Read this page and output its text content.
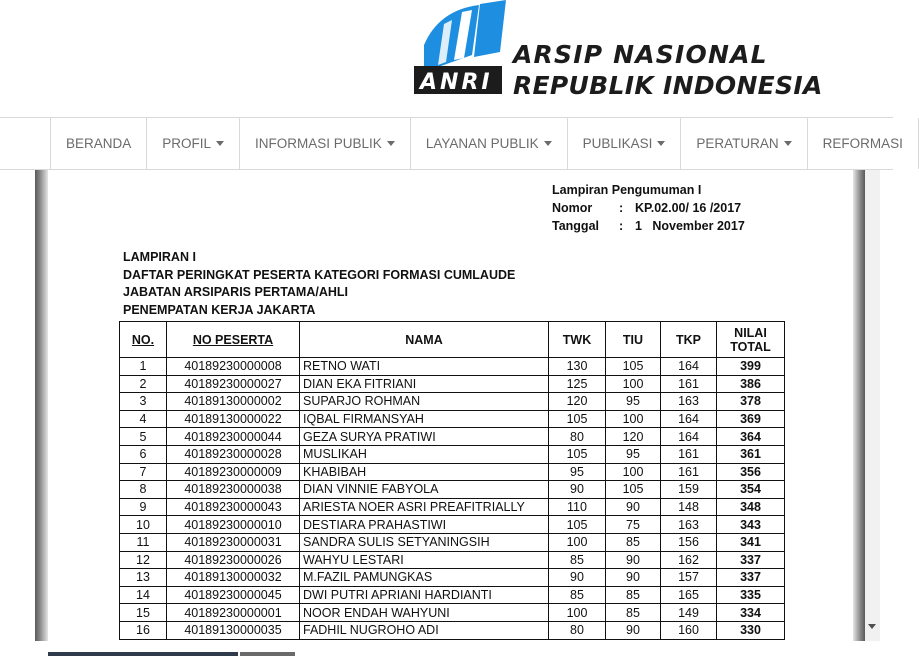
ANRI
ARSIP NASIONAL
REPUBLIK INDONESIA
BERANDA PROFIL	INFORMASI PUBLIK	LAYANAN PUBLIK	PUBLIKASI	PERATURAN	REFORMASI
Lampiran Pengumuman I
Nomor	: KP.02.00/ 16 /2017
Tanggal	: 1   November 2017
LAMPIRAN I
DAFTAR PERINGKAT PESERTA KATEGORI FORMASI CUMLAUDE
JABATAN ARSIPARIS PERTAMA/AHLI
PENEMPATAN KERJA JAKARTA
NO.	NO PESERTA	NAMA	TWK	TIU	TKP	NILAI
TOTAL

1	40189230000008	RETNO WATI	130	105	164	399
2	40189230000027	DIAN EKA FITRIANI	125	100	161	386
3	40189130000002	SUPARJO ROHMAN	120	95	163	378
4	40189130000022	IQBAL FIRMANSYAH	105	100	164	369
5	40189230000044	GEZA SURYA PRATIWI	80	120	164	364
6	40189230000028	MUSLIKAH	105	95	161	361
7	40189230000009	KHABIBAH	95	100	161	356
8	40189230000038	DIAN VINNIE FABYOLA	90	105	159	354
9	40189230000043	ARIESTA NOER ASRI PREAFITRIALLY	110	90	148	348
10	40189230000010	DESTIARA PRAHASTIWI	105	75	163	343
11	40189230000031	SANDRA SULIS SETYANINGSIH	100	85	156	341
12	40189230000026	WAHYU LESTARI	85	90	162	337
13	40189130000032	M.FAZIL PAMUNGKAS	90	90	157	337
14	40189230000045	DWI PUTRI APRIANI HARDIANTI	85	85	165	335
15	40189230000001	NOOR ENDAH WAHYUNI	100	85	149	334
16	40189130000035	FADHIL NUGROHO ADI	80	90	160	330
